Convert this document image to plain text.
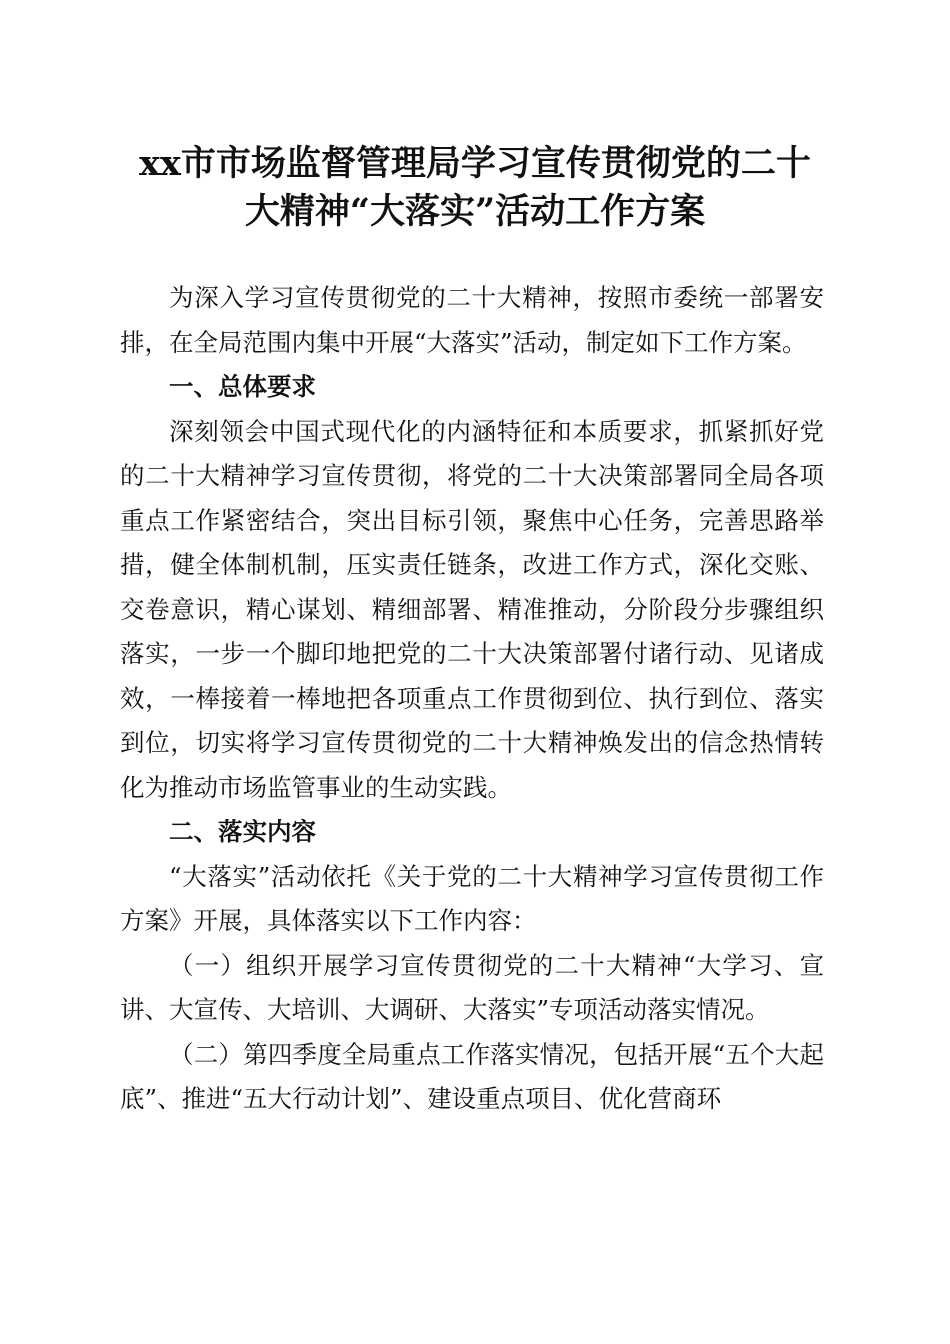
xx市市场监督管理局学习宣传贯彻党的二十
大精神“大落实”活动工作方案

为深入学习宣传贯彻党的二十大精神，按照市委统一部署安排，在全局范围内集中开展“大落实”活动，制定如下工作方案。

一、总体要求

深刻领会中国式现代化的内涵特征和本质要求，抓紧抓好党的二十大精神学习宣传贯彻，将党的二十大决策部署同全局各项重点工作紧密结合，突出目标引领，聚焦中心任务，完善思路举措，健全体制机制，压实责任链条，改进工作方式，深化交账、交卷意识，精心谋划、精细部署、精准推动，分阶段分步骤组织落实，一步一个脚印地把党的二十大决策部署付诸行动、见诸成效，一棒接着一棒地把各项重点工作贯彻到位、执行到位、落实到位，切实将学习宣传贯彻党的二十大精神焕发出的信念热情转化为推动市场监管事业的生动实践。

二、落实内容

“大落实”活动依托《关于党的二十大精神学习宣传贯彻工作方案》开展，具体落实以下工作内容：

（一）组织开展学习宣传贯彻党的二十大精神“大学习、宣讲、大宣传、大培训、大调研、大落实”专项活动落实情况。

（二）第四季度全局重点工作落实情况，包括开展“五个大起底”、推进“五大行动计划”、建设重点项目、优化营商环
